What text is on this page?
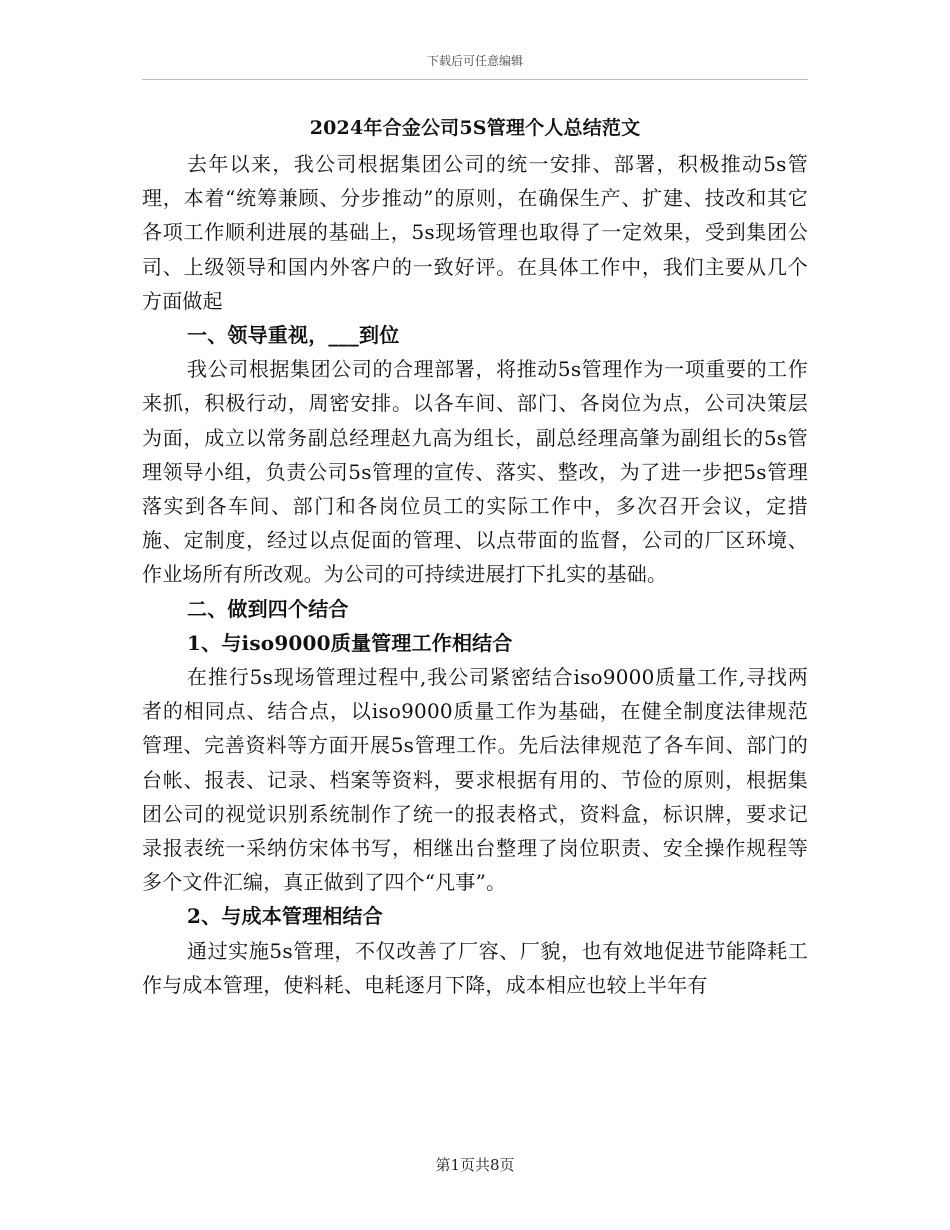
下载后可任意编辑
2024年合金公司5S管理个人总结范文

去年以来，我公司根据集团公司的统一安排、部署，积极推动5s管理，本着“统筹兼顾、分步推动”的原则，在确保生产、扩建、技改和其它各项工作顺利进展的基础上，5s现场管理也取得了一定效果，受到集团公司、上级领导和国内外客户的一致好评。在具体工作中，我们主要从几个方面做起

一、领导重视，___到位

我公司根据集团公司的合理部署，将推动5s管理作为一项重要的工作来抓，积极行动，周密安排。以各车间、部门、各岗位为点，公司决策层为面，成立以常务副总经理赵九高为组长，副总经理高肇为副组长的5s管理领导小组，负责公司5s管理的宣传、落实、整改，为了进一步把5s管理落实到各车间、部门和各岗位员工的实际工作中，多次召开会议，定措施、定制度，经过以点促面的管理、以点带面的监督，公司的厂区环境、作业场所有所改观。为公司的可持续进展打下扎实的基础。

二、做到四个结合

1、与iso9000质量管理工作相结合

在推行5s现场管理过程中,我公司紧密结合iso9000质量工作,寻找两者的相同点、结合点，以iso9000质量工作为基础，在健全制度法律规范管理、完善资料等方面开展5s管理工作。先后法律规范了各车间、部门的台帐、报表、记录、档案等资料，要求根据有用的、节俭的原则，根据集团公司的视觉识别系统制作了统一的报表格式，资料盒，标识牌，要求记录报表统一采纳仿宋体书写，相继出台整理了岗位职责、安全操作规程等多个文件汇编，真正做到了四个“凡事”。

2、与成本管理相结合

通过实施5s管理，不仅改善了厂容、厂貌，也有效地促进节能降耗工作与成本管理，使料耗、电耗逐月下降，成本相应也较上半年有

第1页共8页
